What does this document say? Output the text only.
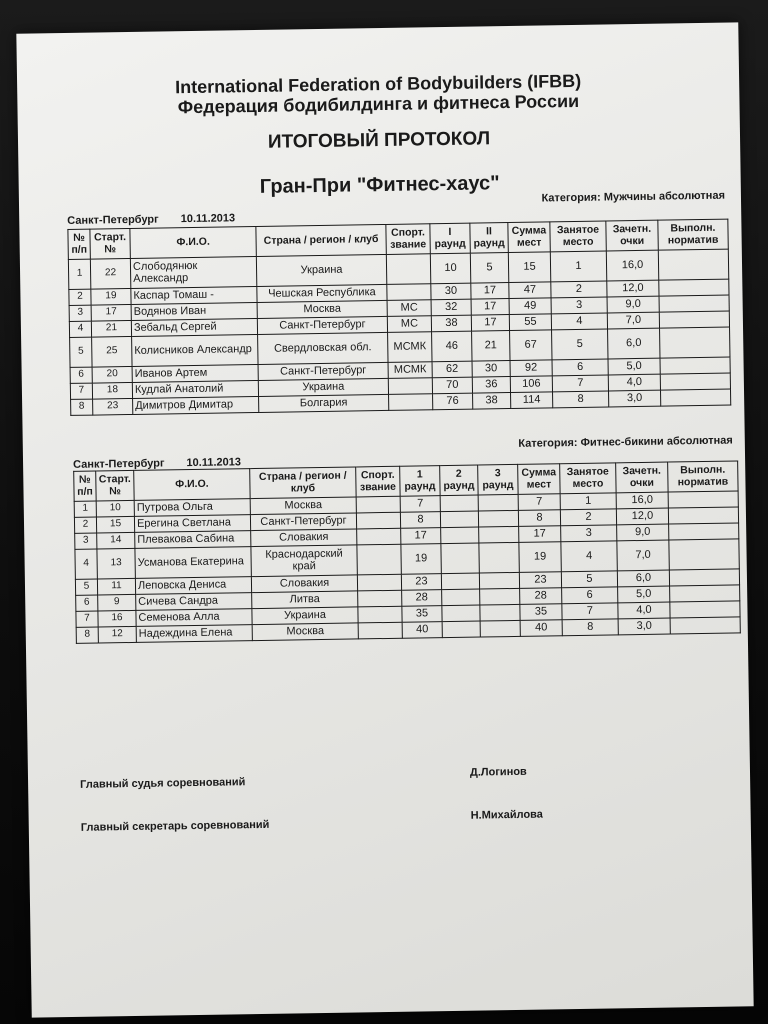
International Federation of Bodybuilders (IFBB)
Федерация бодибилдинга и фитнеса России
ИТОГОВЫЙ ПРОТОКОЛ
Гран-При "Фитнес-хаус"
Санкт-Петербург 10.11.2013
Категория: Мужчины абсолютная
№ п/п	Старт. №	Ф.И.О.	Страна / регион / клуб	Спорт. звание	I раунд	II раунд	Сумма мест	Занятое место	Зачетн. очки	Выполн. норматив
1	22	Слободянюк Александр	Украина		10	5	15	1	16,0	
2	19	Каспар Томаш -	Чешская Республика		30	17	47	2	12,0	
3	17	Водянов Иван	Москва	МС	32	17	49	3	9,0	
4	21	Зебальд Сергей	Санкт-Петербург	МС	38	17	55	4	7,0	
5	25	Колисников Александр	Свердловская обл.	МСМК	46	21	67	5	6,0	
6	20	Иванов Артем	Санкт-Петербург	МСМК	62	30	92	6	5,0	
7	18	Кудлай Анатолий	Украина		70	36	106	7	4,0	
8	23	Димитров Димитар	Болгария		76	38	114	8	3,0	
Санкт-Петербург 10.11.2013
Категория: Фитнес-бикини абсолютная
№ п/п	Старт. №	Ф.И.О.	Страна / регион / клуб	Спорт. звание	1 раунд	2 раунд	3 раунд	Сумма мест	Занятое место	Зачетн. очки	Выполн. норматив
1	10	Путрова Ольга	Москва		7			7	1	16,0	
2	15	Ерегина Светлана	Санкт-Петербург		8			8	2	12,0	
3	14	Плевакова Сабина	Словакия		17			17	3	9,0	
4	13	Усманова Екатерина	Краснодарский край		19			19	4	7,0	
5	11	Леповска Дениса	Словакия		23			23	5	6,0	
6	9	Сичева Сандра	Литва		28			28	6	5,0	
7	16	Семенова Алла	Украина		35			35	7	4,0	
8	12	Надеждина Елена	Москва		40			40	8	3,0	
Главный судья соревнований
Д.Логинов
Главный секретарь соревнований
Н.Михайлова
